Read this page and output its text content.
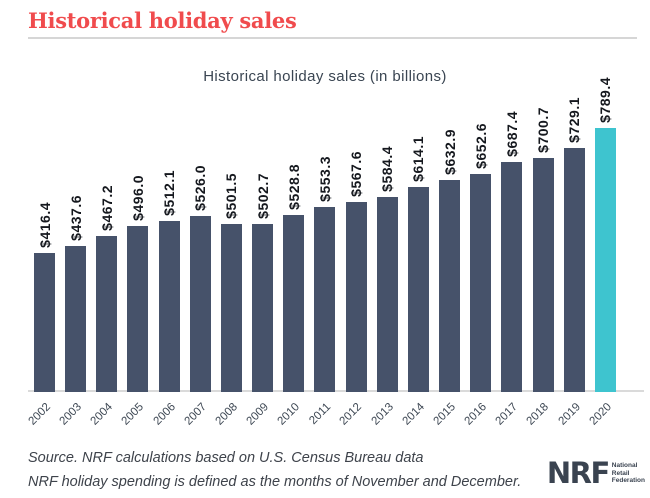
Historical holiday sales
Historical holiday sales (in billions)
$416.4
2002
$437.6
2003
$467.2
2004
$496.0
2005
$512.1
2006
$526.0
2007
$501.5
2008
$502.7
2009
$528.8
2010
$553.3
2011
$567.6
2012
$584.4
2013
$614.1
2014
$632.9
2015
$652.6
2016
$687.4
2017
$700.7
2018
$729.1
2019
$789.4
2020

Source. NRF calculations based on U.S. Census Bureau data

NRF holiday spending is defined as the months of November and December. NRF National
Retail
Federation
